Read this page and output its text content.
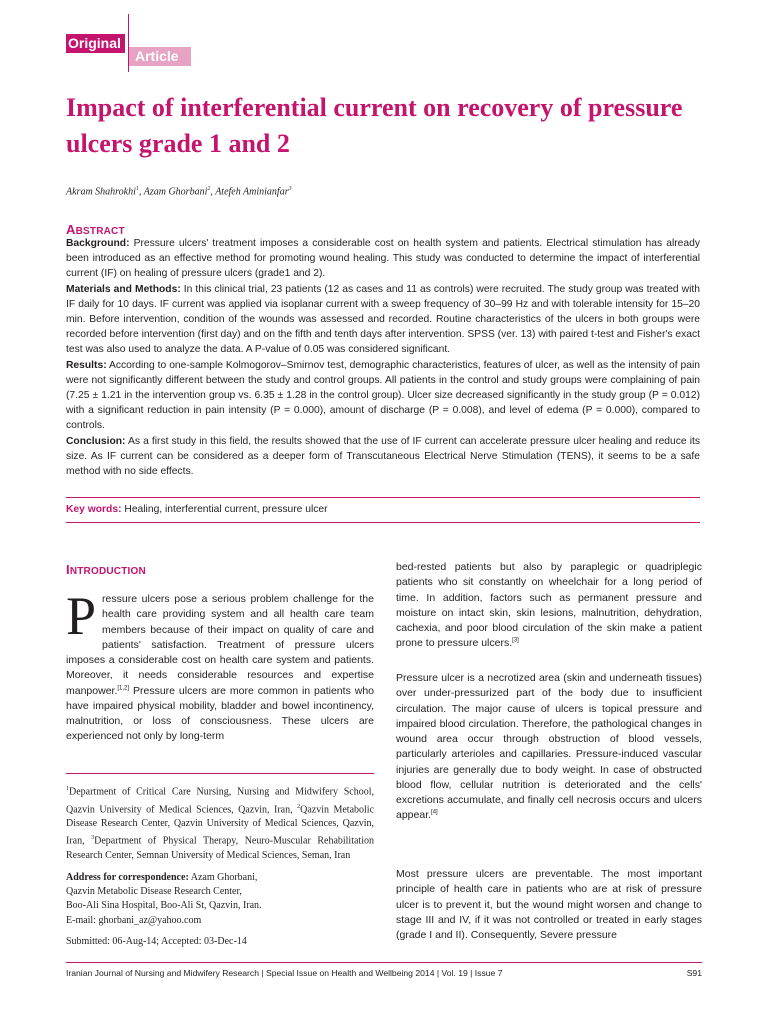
Original
Article
Impact of interferential current on recovery of pressure ulcers grade 1 and 2
Akram Shahrokhi$^1$, Azam Ghorbani$^2$, Atefeh Aminianfar$^3$
ABSTRACT

Background: Pressure ulcers' treatment imposes a considerable cost on health system and patients. Electrical stimulation has already been introduced as an effective method for promoting wound healing. This study was conducted to determine the impact of interferential current (IF) on healing of pressure ulcers (grade1 and 2).

Materials and Methods: In this clinical trial, 23 patients (12 as cases and 11 as controls) were recruited. The study group was treated with IF daily for 10 days. IF current was applied via isoplanar current with a sweep frequency of 30–99 Hz and with tolerable intensity for 15–20 min. Before intervention, condition of the wounds was assessed and recorded. Routine characteristics of the ulcers in both groups were recorded before intervention (first day) and on the fifth and tenth days after intervention. SPSS (ver. 13) with paired t-test and Fisher's exact test was also used to analyze the data. A P-value of 0.05 was considered significant.

Results: According to one-sample Kolmogorov–Smirnov test, demographic characteristics, features of ulcer, as well as the intensity of pain were not significantly different between the study and control groups. All patients in the control and study groups were complaining of pain (7.25 ± 1.21 in the intervention group vs. 6.35 ± 1.28 in the control group). Ulcer size decreased significantly in the study group (P = 0.012) with a significant reduction in pain intensity (P = 0.000), amount of discharge (P = 0.008), and level of edema (P = 0.000), compared to controls.

Conclusion: As a first study in this field, the results showed that the use of IF current can accelerate pressure ulcer healing and reduce its size. As IF current can be considered as a deeper form of Transcutaneous Electrical Nerve Stimulation (TENS), it seems to be a safe method with no side effects.

Key words: Healing, interferential current, pressure ulcer
INTRODUCTION
Pressure ulcers pose a serious problem challenge for the health care providing system and all health care team members because of their impact on quality of care and patients' satisfaction. Treatment of pressure ulcers imposes a considerable cost on health care system and patients. Moreover, it needs considerable resources and expertise manpower.[1,2] Pressure ulcers are more common in patients who have impaired physical mobility, bladder and bowel incontinency, malnutrition, or loss of consciousness. These ulcers are experienced not only by long-term
$^1$Department of Critical Care Nursing, Nursing and Midwifery School, Qazvin University of Medical Sciences, Qazvin, Iran, $^2$Qazvin Metabolic Disease Research Center, Qazvin University of Medical Sciences, Qazvin, Iran, $^3$Department of Physical Therapy, Neuro-Muscular Rehabilitation Research Center, Semnan University of Medical Sciences, Seman, Iran
Address for correspondence: Azam Ghorbani,
Qazvin Metabolic Disease Research Center,
Boo-Ali Sina Hospital, Boo-Ali St, Qazvin, Iran.
E-mail: ghorbani_az@yahoo.com
Submitted: 06-Aug-14; Accepted: 03-Dec-14
bed-rested patients but also by paraplegic or quadriplegic patients who sit constantly on wheelchair for a long period of time. In addition, factors such as permanent pressure and moisture on intact skin, skin lesions, malnutrition, dehydration, cachexia, and poor blood circulation of the skin make a patient prone to pressure ulcers.[3]
Pressure ulcer is a necrotized area (skin and underneath tissues) over under-pressurized part of the body due to insufficient circulation. The major cause of ulcers is topical pressure and impaired blood circulation. Therefore, the pathological changes in wound area occur through obstruction of blood vessels, particularly arterioles and capillaries. Pressure-induced vascular injuries are generally due to body weight. In case of obstructed blood flow, cellular nutrition is deteriorated and the cells' excretions accumulate, and finally cell necrosis occurs and ulcers appear.[4]
Most pressure ulcers are preventable. The most important principle of health care in patients who are at risk of pressure ulcer is to prevent it, but the wound might worsen and change to stage III and IV, if it was not controlled or treated in early stages (grade I and II). Consequently, Severe pressure
Iranian Journal of Nursing and Midwifery Research | Special Issue on Health and Wellbeing 2014 | Vol. 19 | Issue 7	S91
